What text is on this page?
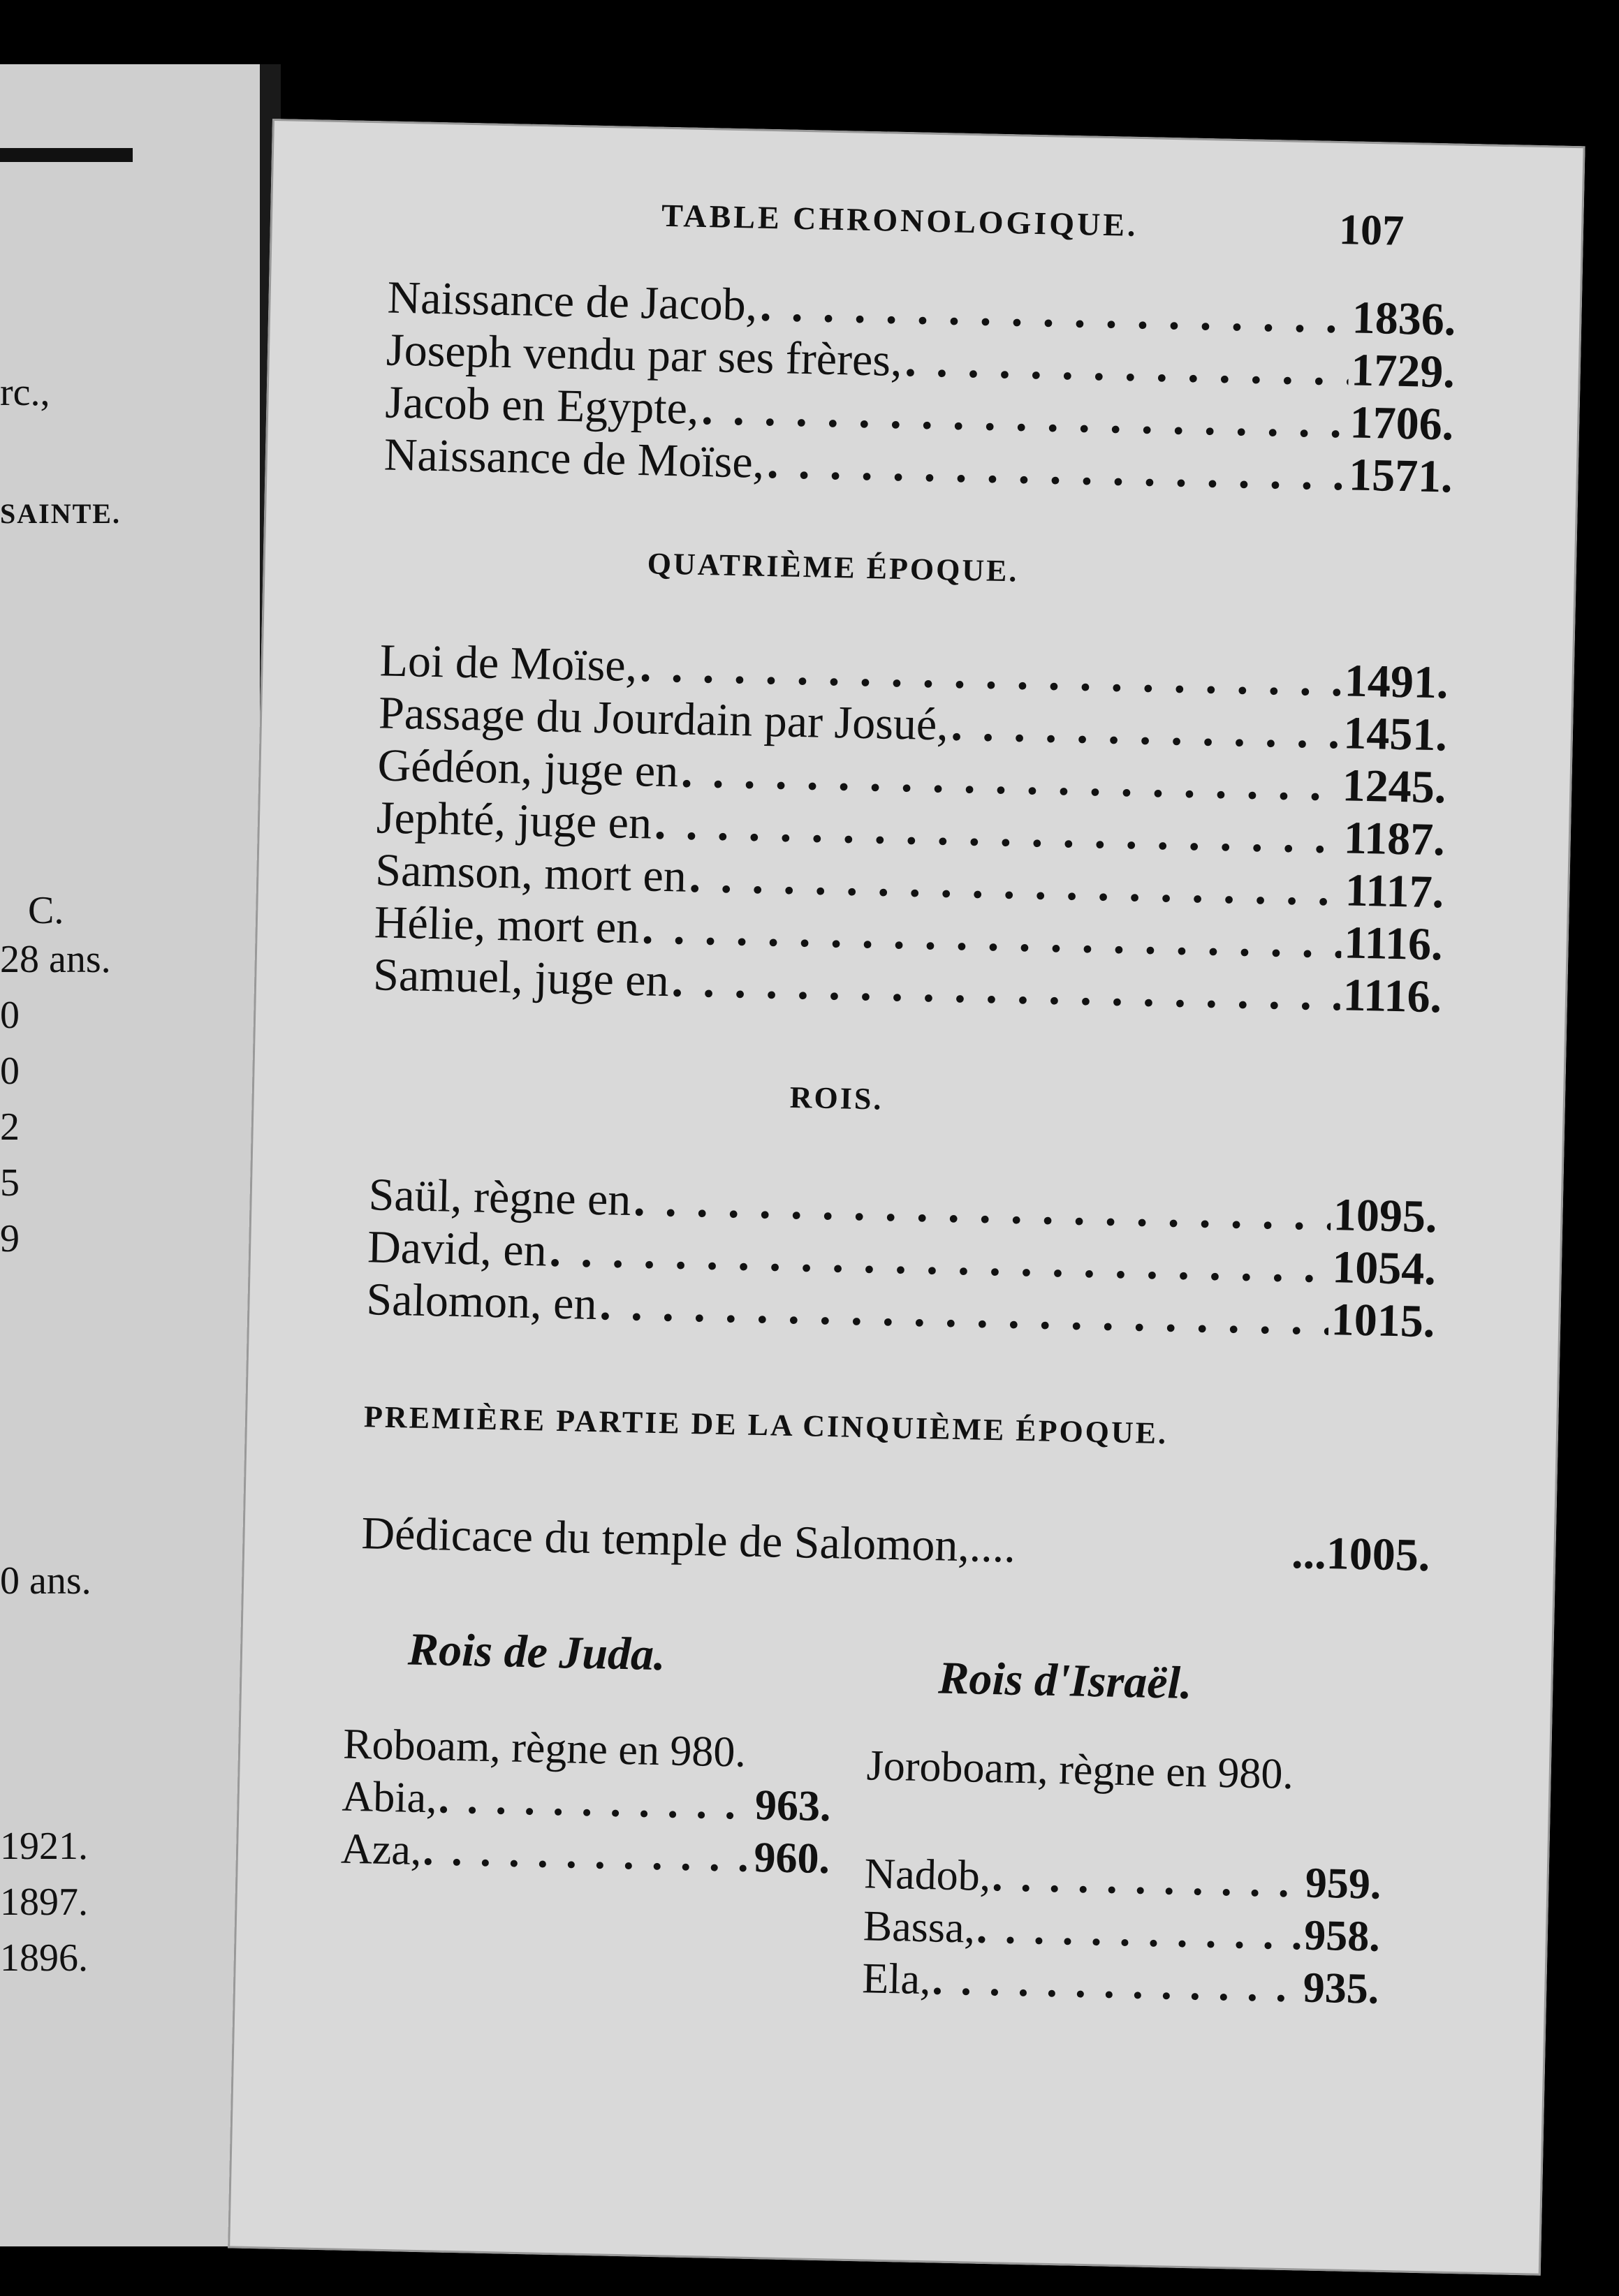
rc.,
SAINTE.
C.
28 ans.
0
0
2
5
9
0 ans.
1921.
1897.
1896.
TABLE CHRONOLOGIQUE.	107
Naissance de Jacob, . . .	1836.
Joseph vendu par ses frères, . . .	1729.
Jacob en Egypte, . . .	1706.
Naissance de Moïse, . . .	1571.
QUATRIÈME ÉPOQUE.
Loi de Moïse, . . .	1491.
Passage du Jourdain par Josué, . . .	1451.
Gédéon, juge en . . .	1245.
Jephté, juge en . . .	1187.
Samson, mort en . . .	1117.
Hélie, mort en . . .	1116.
Samuel, juge en . . .	1116.
ROIS.
Saül, règne en . . .	1095.
David, en . . .	1054.
Salomon, en . . .	1015.
PREMIÈRE PARTIE DE LA CINQUIÈME ÉPOQUE.
Dédicace du temple de Salomon,....	...1005.
Rois de Juda.
Rois d'Israël.
Roboam, règne en 980.
Abia, . . .	963.
Aza, . . .	960.
Joroboam, règne en 980.
Nadob, . . .	959.
Bassa, . . .	958.
Ela, . . .	935.
